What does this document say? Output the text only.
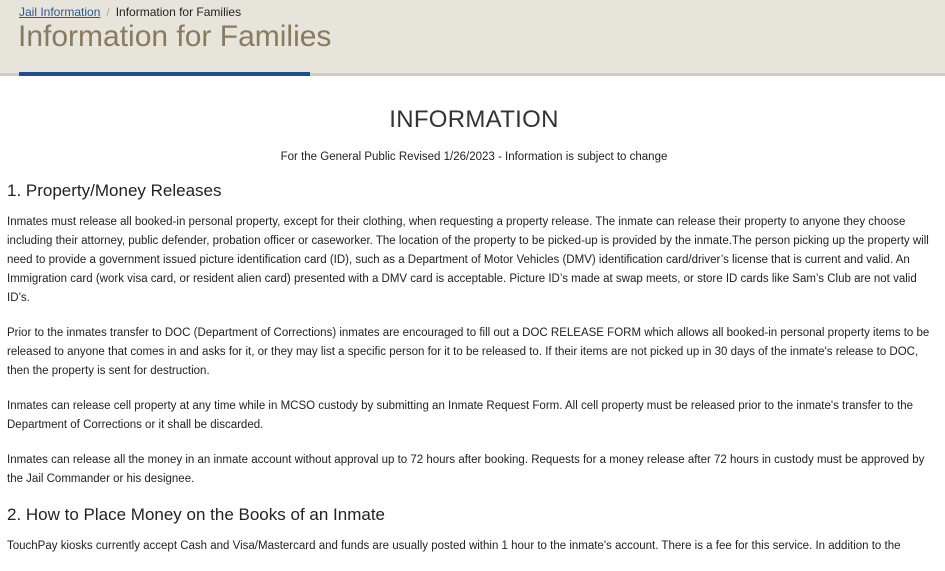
Jail Information / Information for Families
Information for Families
INFORMATION
For the General Public Revised 1/26/2023 - Information is subject to change
1. Property/Money Releases

Inmates must release all booked-in personal property, except for their clothing, when requesting a property release. The inmate can release their property to anyone they choose including their attorney, public defender, probation officer or caseworker. The location of the property to be picked-up is provided by the inmate.The person picking up the property will need to provide a government issued picture identification card (ID), such as a Department of Motor Vehicles (DMV) identification card/driver’s license that is current and valid. An Immigration card (work visa card, or resident alien card) presented with a DMV card is acceptable. Picture ID’s made at swap meets, or store ID cards like Sam’s Club are not valid ID’s.

Prior to the inmates transfer to DOC (Department of Corrections) inmates are encouraged to fill out a DOC RELEASE FORM which allows all booked-in personal property items to be released to anyone that comes in and asks for it, or they may list a specific person for it to be released to. If their items are not picked up in 30 days of the inmate's release to DOC, then the property is sent for destruction.

Inmates can release cell property at any time while in MCSO custody by submitting an Inmate Request Form. All cell property must be released prior to the inmate's transfer to the Department of Corrections or it shall be discarded.

Inmates can release all the money in an inmate account without approval up to 72 hours after booking. Requests for a money release after 72 hours in custody must be approved by the Jail Commander or his designee.

2. How to Place Money on the Books of an Inmate

TouchPay kiosks currently accept Cash and Visa/Mastercard and funds are usually posted within 1 hour to the inmate's account. There is a fee for this service. In addition to the
